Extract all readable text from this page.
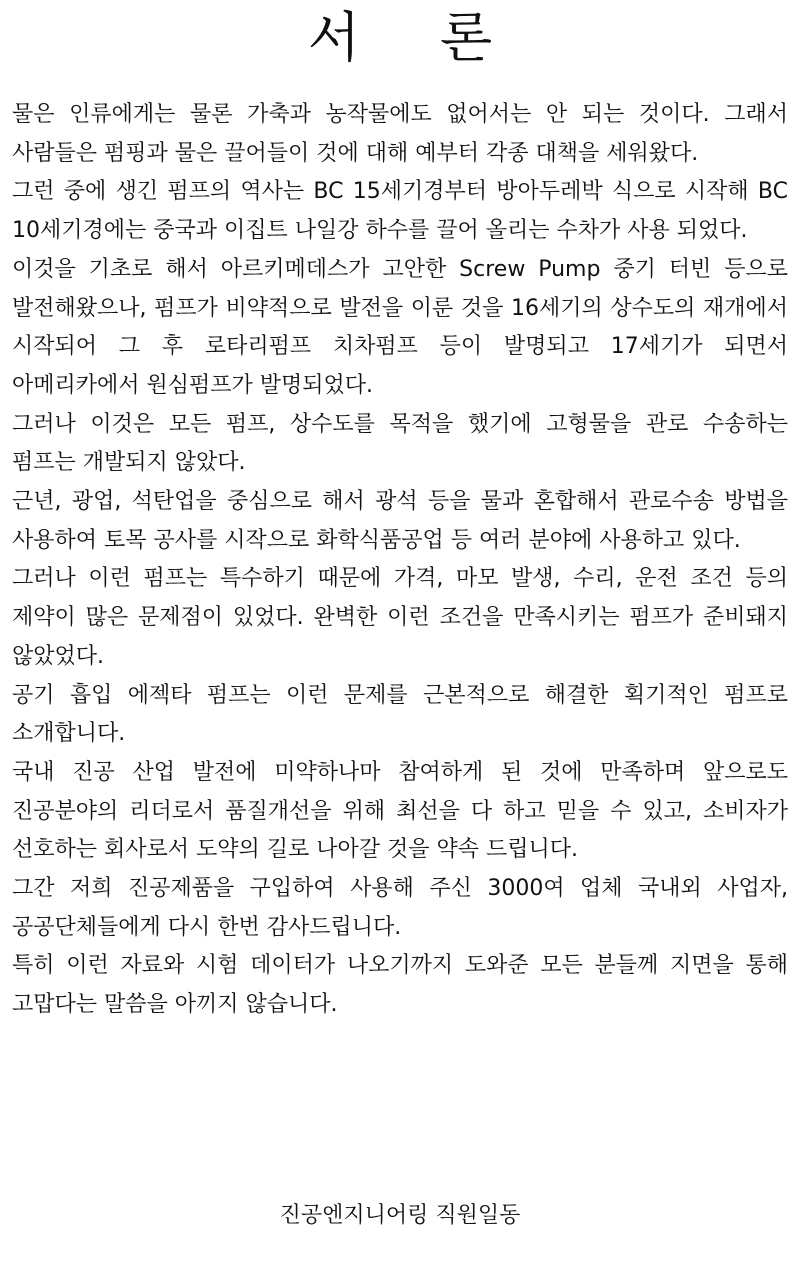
서 론

물은 인류에게는 물론 가축과 농작물에도 없어서는 안 되는 것이다. 그래서 사람들은 펌핑과 물은 끌어들이 것에 대해 예부터 각종 대책을 세워왔다.

그런 중에 생긴 펌프의 역사는 BC 15세기경부터 방아두레박 식으로 시작해 BC 10세기경에는 중국과 이집트 나일강 하수를 끌어 올리는 수차가 사용 되었다.

이것을 기초로 해서 아르키메데스가 고안한 Screw Pump 중기 터빈 등으로 발전해왔으나, 펌프가 비약적으로 발전을 이룬 것을 16세기의 상수도의 재개에서 시작되어 그 후 로타리펌프 치차펌프 등이 발명되고 17세기가 되면서 아메리카에서 원심펌프가 발명되었다.

그러나 이것은 모든 펌프, 상수도를 목적을 했기에 고형물을 관로 수송하는 펌프는 개발되지 않았다.

근년, 광업, 석탄업을 중심으로 해서 광석 등을 물과 혼합해서 관로수송 방법을 사용하여 토목 공사를 시작으로 화학식품공업 등 여러 분야에 사용하고 있다.

그러나 이런 펌프는 특수하기 때문에 가격, 마모 발생, 수리, 운전 조건 등의 제약이 많은 문제점이 있었다. 완벽한 이런 조건을 만족시키는 펌프가 준비돼지 않았었다.

공기 흡입 에젝타 펌프는 이런 문제를 근본적으로 해결한 획기적인 펌프로 소개합니다.

국내 진공 산업 발전에 미약하나마 참여하게 된 것에 만족하며 앞으로도 진공분야의 리더로서 품질개선을 위해 최선을 다 하고 믿을 수 있고, 소비자가 선호하는 회사로서 도약의 길로 나아갈 것을 약속 드립니다.

그간 저희 진공제품을 구입하여 사용해 주신 3000여 업체 국내외 사업자, 공공단체들에게 다시 한번 감사드립니다.

특히 이런 자료와 시험 데이터가 나오기까지 도와준 모든 분들께 지면을 통해 고맙다는 말씀을 아끼지 않습니다.

진공엔지니어링 직원일동
